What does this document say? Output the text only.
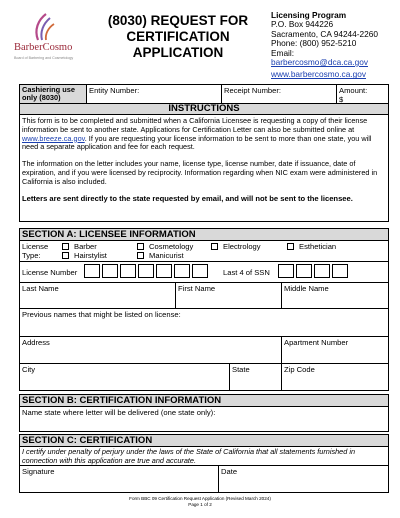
BarberCosmo
Board of Barbering and Cosmetology
(8030) REQUEST FOR
CERTIFICATION
APPLICATION
Licensing Program
P.O. Box 944226
Sacramento, CA 94244-2260
Phone: (800) 952-5210
Email:
barbercosmo@dca.ca.gov
www.barbercosmo.ca.gov
Cashiering use only (8030)
Entity Number:	Receipt Number:	Amount:
$
INSTRUCTIONS

This form is to be completed and submitted when a California Licensee is requesting a copy of their license information be sent to another state. Applications for Certification Letter can also be submitted online at www.breeze.ca.gov. If you are requesting your license information to be sent to more than one state, you will need a separate application and fee for each request.

The information on the letter includes your name, license type, license number, date if issuance, date of expiration, and if you were licensed by reciprocity. Information regarding when NIC exam were administered in California is also included.

Letters are sent directly to the state requested by email, and will not be sent to the licensee.

SECTION A: LICENSEE INFORMATION
License
Type:
Barber	Cosmetology	Electrology	Esthetician
Hairstylist	Manicurist
License Number	Last 4 of SSN
Last Name	First Name	Middle Name
Previous names that might be listed on license:
Address	Apartment Number
City	State	Zip Code
SECTION B: CERTIFICATION INFORMATION
Name state where letter will be delivered (one state only):
SECTION C: CERTIFICATION
I certify under penalty of perjury under the laws of the State of California that all statements furnished in connection with this application are true and accurate.
Signature	Date
Form BBC 09 Certification Request Application (Revised March 2024)
Page 1 of 2
